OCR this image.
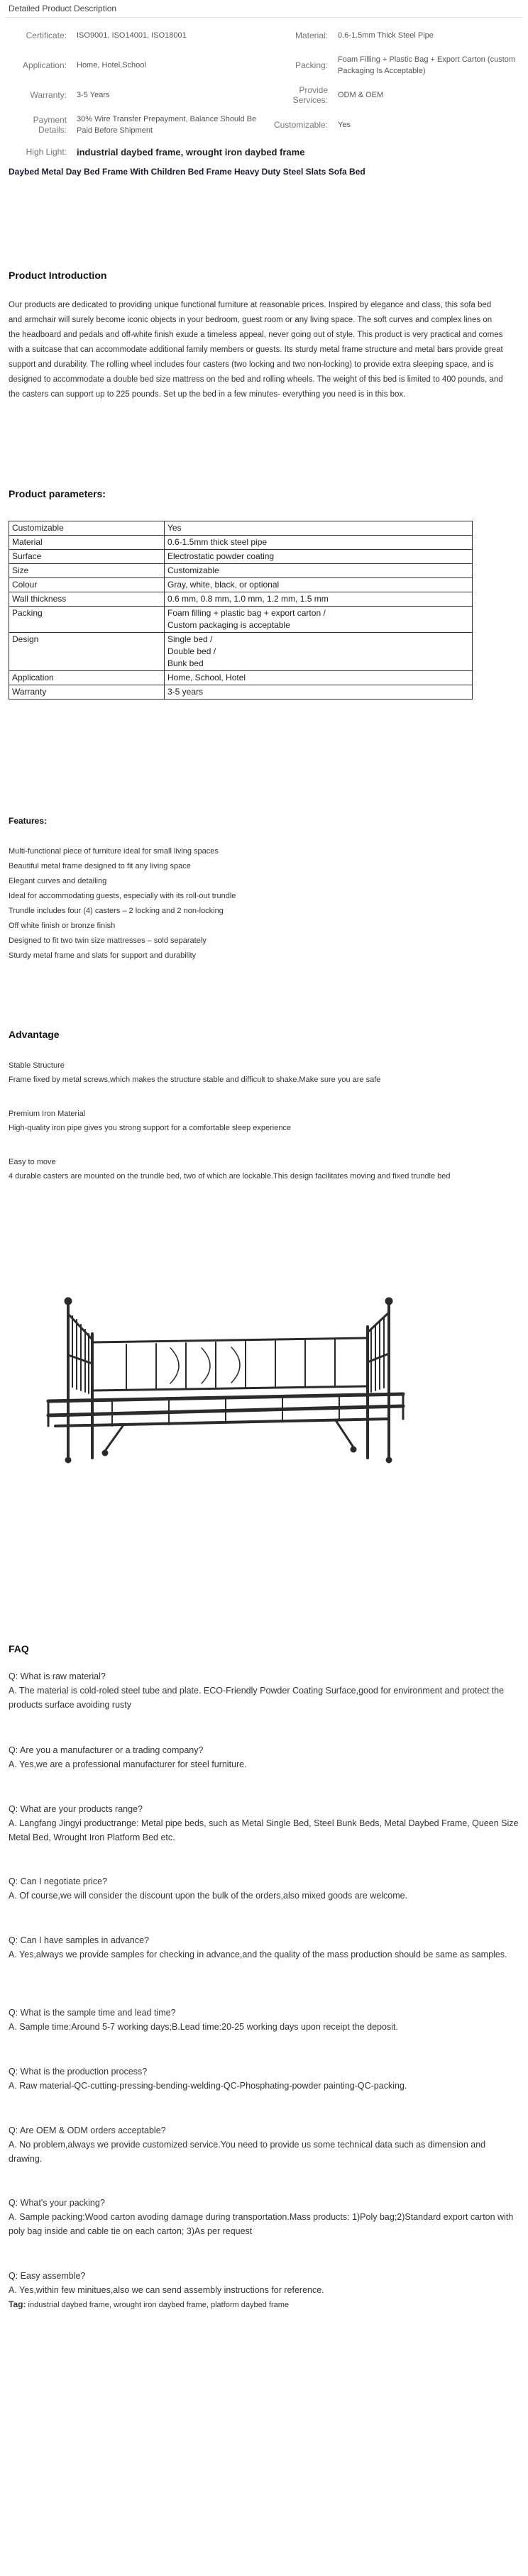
Detailed Product Description
Certificate:	ISO9001, ISO14001, ISO18001	Material:	0.6-1.5mm Thick Steel Pipe
Application:	Home, Hotel,School	Packing:
Foam Filling + Plastic Bag + Export Carton (custom Packaging Is Acceptable)
Warranty:	3-5 Years	Provide Services:	ODM & OEM
Payment Details:
30% Wire Transfer Prepayment, Balance Should Be Paid Before Shipment
Customizable:	Yes
High Light:	industrial daybed frame, wrought iron daybed frame
Daybed Metal Day Bed Frame With Children Bed Frame Heavy Duty Steel Slats Sofa Bed
Product Introduction

Our products are dedicated to providing unique functional furniture at reasonable prices. Inspired by elegance and class, this sofa bed and armchair will surely become iconic objects in your bedroom, guest room or any living space. The soft curves and complex lines on the headboard and pedals and off-white finish exude a timeless appeal, never going out of style. This product is very practical and comes with a suitcase that can accommodate additional family members or guests. Its sturdy metal frame structure and metal bars provide great support and durability. The rolling wheel includes four casters (two locking and two non-locking) to provide extra sleeping space, and is designed to accommodate a double bed size mattress on the bed and rolling wheels. The weight of this bed is limited to 400 pounds, and the casters can support up to 225 pounds. Set up the bed in a few minutes- everything you need is in this box.

Product parameters:
Customizable	Yes

Material	0.6-1.5mm thick steel pipe

Surface	Electrostatic powder coating

Size	Customizable

Colour	Gray, white, black, or optional

Wall thickness	0.6 mm, 0.8 mm, 1.0 mm, 1.2 mm, 1.5 mm

Packing	Foam filling + plastic bag + export carton /
Custom packaging is acceptable

Design	Single bed /
Double bed /
Bunk bed

Application	Home, School, Hotel

Warranty	3-5 years
Features:
Multi-functional piece of furniture ideal for small living spaces
Beautiful metal frame designed to fit any living space
Elegant curves and detailing
Ideal for accommodating guests, especially with its roll-out trundle
Trundle includes four (4) casters – 2 locking and 2 non-locking
Off white finish or bronze finish
Designed to fit two twin size mattresses – sold separately
Sturdy metal frame and slats for support and durability
Advantage
Stable Structure
Frame fixed by metal screws,which makes the structure stable and difficult to shake.Make sure you are safe
Premium Iron Material
High-quality iron pipe gives you strong support for a comfortable sleep experience
Easy to move
4 durable casters are mounted on the trundle bed, two of which are lockable.This design facilitates moving and fixed trundle bed
FAQ
Q: What is raw material?
A. The material is cold-roled steel tube and plate. ECO-Friendly Powder Coating Surface,good for environment and protect the products surface avoiding rusty
Q: Are you a manufacturer or a trading company?
A. Yes,we are a professional manufacturer for steel furniture.
Q: What are your products range?
A. Langfang Jingyi productrange: Metal pipe beds, such as Metal Single Bed, Steel Bunk Beds, Metal Daybed Frame, Queen Size Metal Bed, Wrought Iron Platform Bed etc.
Q: Can I negotiate price?
A. Of course,we will consider the discount upon the bulk of the orders,also mixed goods are welcome.
Q: Can I have samples in advance?
A. Yes,always we provide samples for checking in advance,and the quality of the mass production should be same as samples.
Q: What is the sample time and lead time?
A. Sample time:Around 5-7 working days;B.Lead time:20-25 working days upon receipt the deposit.
Q: What is the production process?
A. Raw material-QC-cutting-pressing-bending-welding-QC-Phosphating-powder painting-QC-packing.
Q: Are OEM & ODM orders acceptable?
A. No problem,always we provide customized service.You need to provide us some technical data such as dimension and drawing.
Q: What's your packing?
A. Sample packing:Wood carton avoding damage during transportation.Mass products: 1)Poly bag;2)Standard export carton with poly bag inside and cable tie on each carton; 3)As per request
Q: Easy assemble?
A. Yes,within few minitues,also we can send assembly instructions for reference.
Tag: industrial daybed frame, wrought iron daybed frame, platform daybed frame
